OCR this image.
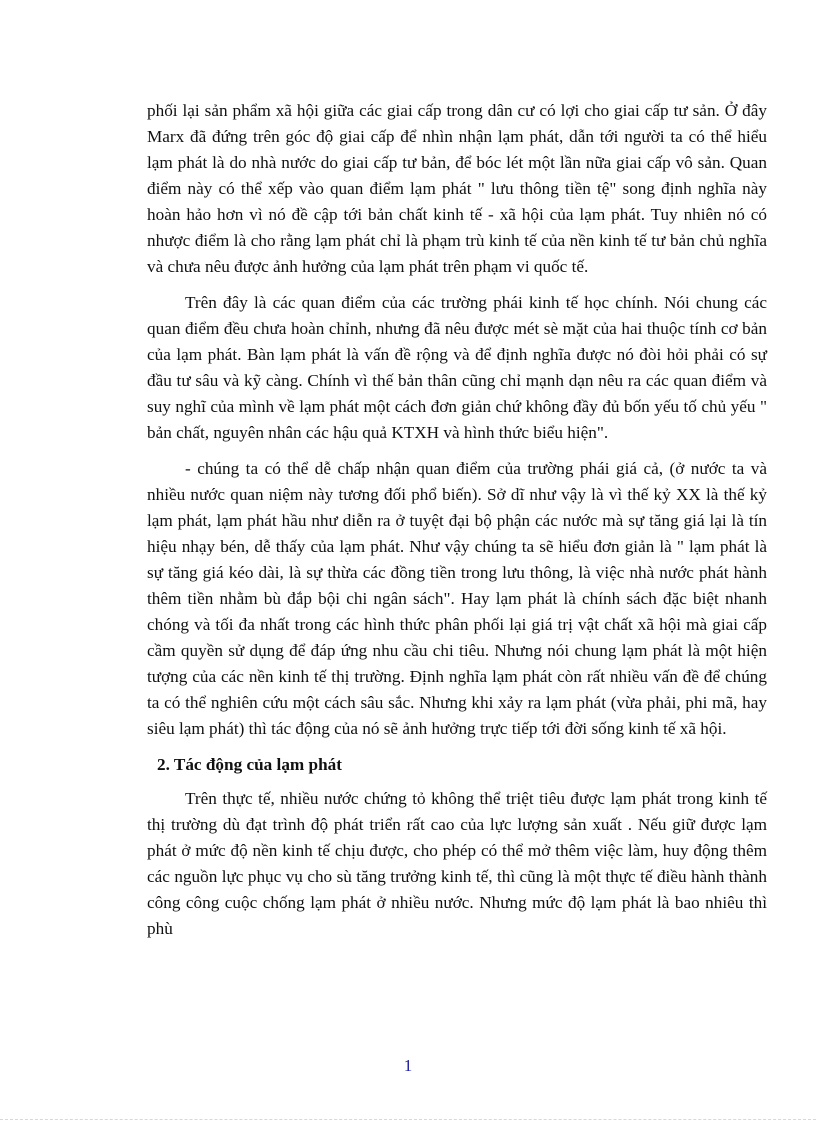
phối lại sản phẩm xã hội giữa các giai cấp trong dân cư có lợi cho giai cấp tư sản. Ở đây Marx đã đứng trên góc độ giai cấp để nhìn nhận lạm phát, dẫn tới người ta có thể hiểu lạm phát là do nhà nước do giai cấp tư bản, để bóc lét một lần nữa giai cấp vô sản. Quan điểm này có thể xếp vào quan điểm lạm phát " lưu thông tiền tệ" song định nghĩa này hoàn hảo hơn vì nó đề cập tới bản chất kinh tế - xã hội của lạm phát. Tuy nhiên nó có nhược điểm là cho rằng lạm phát chỉ là phạm trù kinh tế của nền kinh tế tư bản chủ nghĩa và chưa nêu được ảnh hưởng của lạm phát trên phạm vi quốc tế.

Trên đây là các quan điểm của các trường phái kinh tế học chính. Nói chung các quan điểm đều chưa hoàn chỉnh, nhưng đã nêu được mét sè mặt của hai thuộc tính cơ bản của lạm phát. Bàn lạm phát là vấn đề rộng và để định nghĩa được nó đòi hỏi phải có sự đầu tư sâu và kỹ càng. Chính vì thế bản thân cũng chỉ mạnh dạn nêu ra các quan điểm và suy nghĩ của mình về lạm phát một cách đơn giản chứ không đầy đủ bốn yếu tố chủ yếu " bản chất, nguyên nhân các hậu quả KTXH và hình thức biểu hiện".

- chúng ta có thể dễ chấp nhận quan điểm của trường phái giá cả, (ở nước ta và nhiều nước quan niệm này tương đối phổ biến). Sở dĩ như vậy là vì thế kỷ XX là thế kỷ lạm phát, lạm phát hầu như diễn ra ở tuyệt đại bộ phận các nước mà sự tăng giá lại là tín hiệu nhạy bén, dễ thấy của lạm phát. Như vậy chúng ta sẽ hiểu đơn giản là " lạm phát là sự tăng giá kéo dài, là sự thừa các đồng tiền trong lưu thông, là việc nhà nước phát hành thêm tiền nhằm bù đắp bội chi ngân sách". Hay lạm phát là chính sách đặc biệt nhanh chóng và tối đa nhất trong các hình thức phân phối lại giá trị vật chất xã hội mà giai cấp cầm quyền sử dụng để đáp ứng nhu cầu chi tiêu. Nhưng nói chung lạm phát là một hiện tượng của các nền kinh tế thị trường. Định nghĩa lạm phát còn rất nhiều vấn đề để chúng ta có thể nghiên cứu một cách sâu sắc. Nhưng khi xảy ra lạm phát (vừa phải, phi mã, hay siêu lạm phát) thì tác động của nó sẽ ảnh hưởng trực tiếp tới đời sống kinh tế xã hội.

2. Tác động của lạm phát

Trên thực tế, nhiều nước chứng tỏ không thể triệt tiêu được lạm phát trong kinh tế thị trường dù đạt trình độ phát triển rất cao của lực lượng sản xuất . Nếu giữ được lạm phát ở mức độ nền kinh tế chịu được, cho phép có thể mở thêm việc làm, huy động thêm các nguồn lực phục vụ cho sù tăng trưởng kinh tế, thì cũng là một thực tế điều hành thành công công cuộc chống lạm phát ở nhiều nước. Nhưng mức độ lạm phát là bao nhiêu thì phù

1
